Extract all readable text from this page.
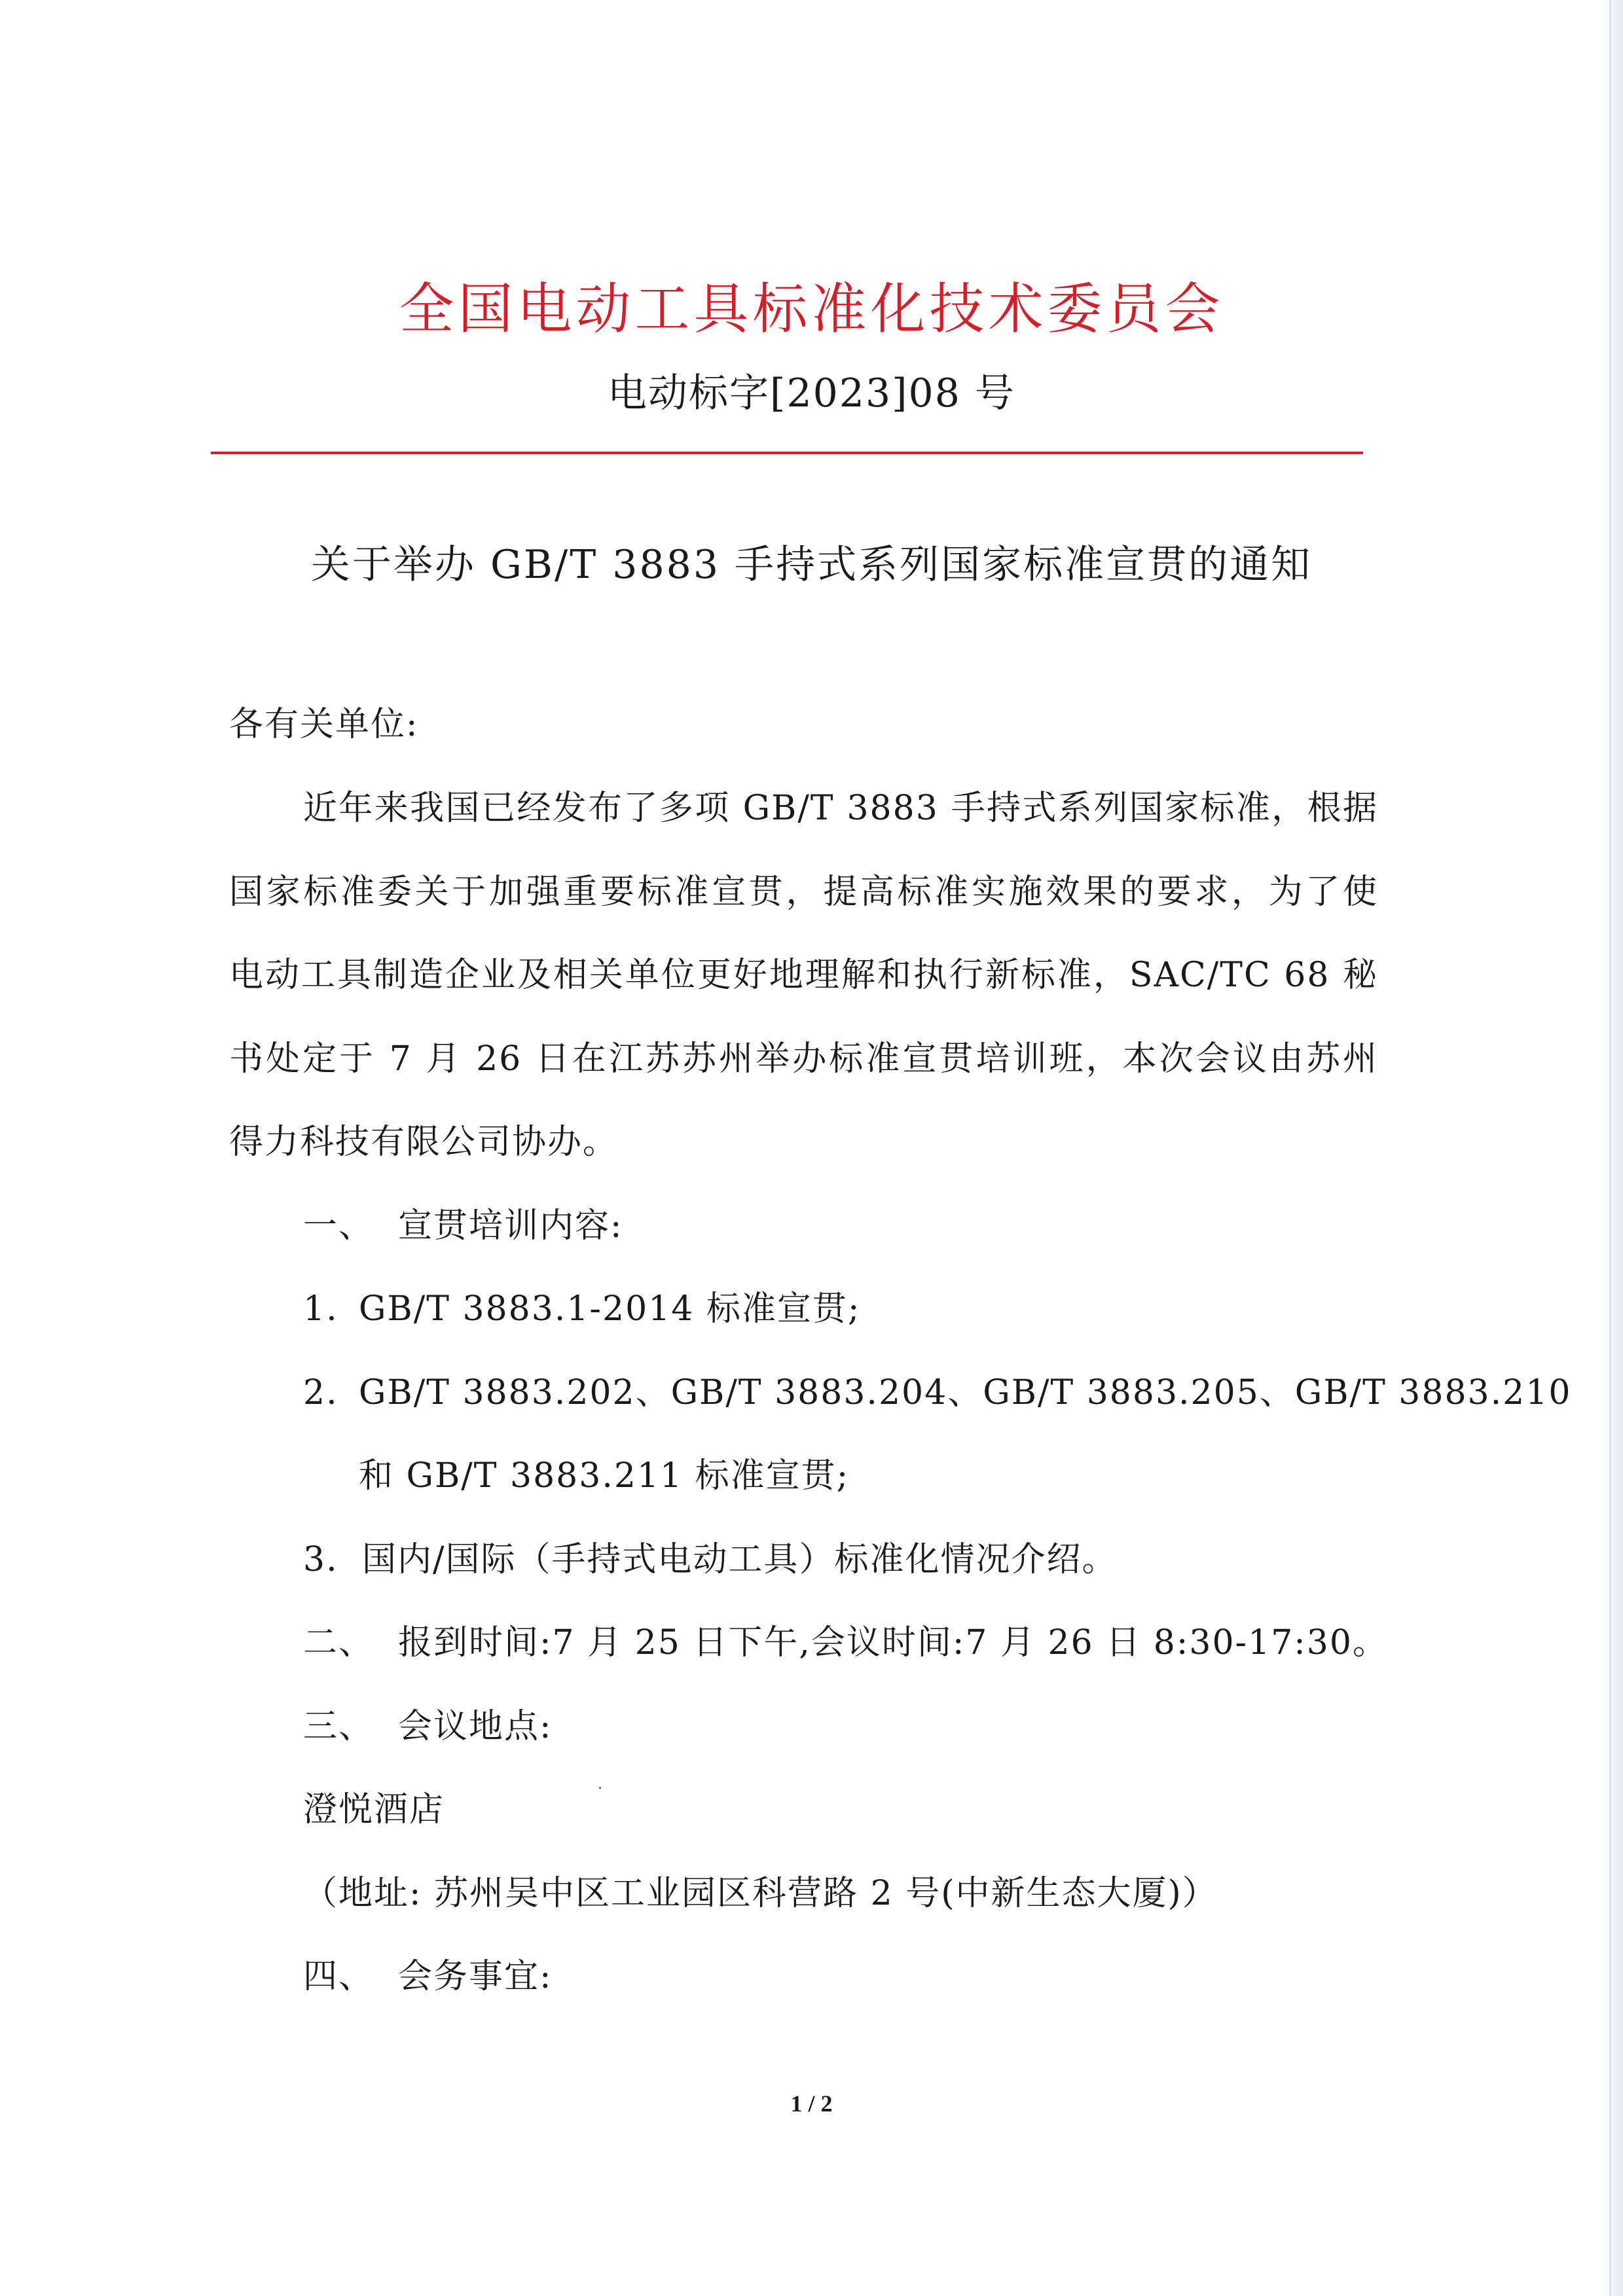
全国电动工具标准化技术委员会
电动标字[2023]08 号
关于举办 GB/T 3883 手持式系列国家标准宣贯的通知
各有关单位:
近年来我国已经发布了多项 GB/T 3883 手持式系列国家标准，根据
国家标准委关于加强重要标准宣贯，提高标准实施效果的要求，为了使
电动工具制造企业及相关单位更好地理解和执行新标准，SAC/TC 68 秘
书处定于 7 月 26 日在江苏苏州举办标准宣贯培训班，本次会议由苏州
得力科技有限公司协办。
一、 宣贯培训内容:
1. GB/T 3883.1-2014 标准宣贯;
2. GB/T 3883.202、GB/T 3883.204、GB/T 3883.205、GB/T 3883.210
和 GB/T 3883.211 标准宣贯;
3. 国内/国际（手持式电动工具）标准化情况介绍。
二、 报到时间:7 月 25 日下午,会议时间:7 月 26 日 8:30-17:30。
三、 会议地点:
澄悦酒店
（地址: 苏州吴中区工业园区科营路 2 号(中新生态大厦)）
四、 会务事宜:
1 / 2
